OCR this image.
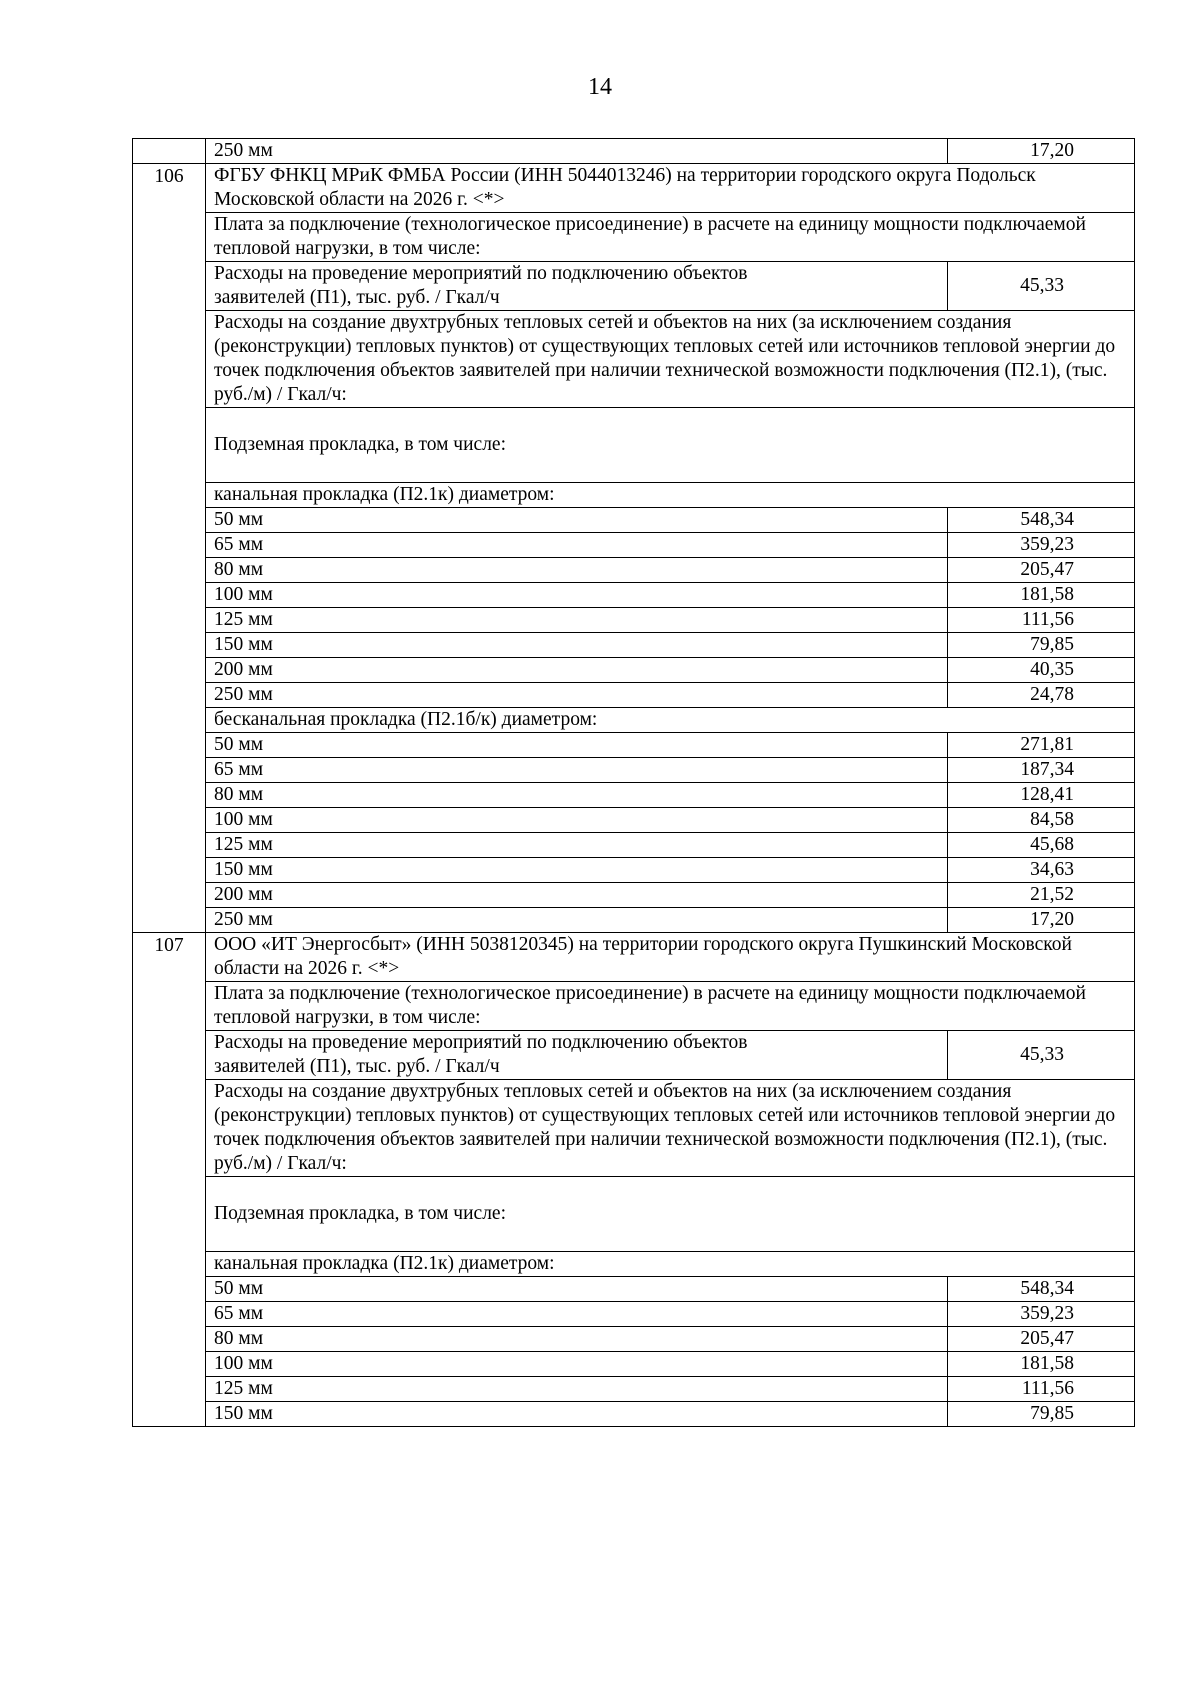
14
	250 мм	17,20
106	ФГБУ ФНКЦ МРиК ФМБА России (ИНН 5044013246) на территории городского округа Подольск Московской области на 2026 г. <*>	
	Плата за подключение (технологическое присоединение) в расчете на единицу мощности подключаемой тепловой нагрузки, в том числе:	

	Расходы на проведение мероприятий по подключению объектов
заявителей (П1), тыс. руб. / Гкал/ч	45,33
	Расходы на создание двухтрубных тепловых сетей и объектов на них (за исключением создания (реконструкции) тепловых пунктов) от существующих тепловых сетей или источников тепловой энергии до точек подключения объектов заявителей при наличии технической возможности подключения (П2.1), (тыс. руб./м) / Гкал/ч:	
	Подземная прокладка, в том числе:	
	канальная прокладка (П2.1к) диаметром:	
	50 мм	548,34
	65 мм	359,23
	80 мм	205,47
	100 мм	181,58
	125 мм	111,56
	150 мм	79,85
	200 мм	40,35
	250 мм	24,78
	бесканальная прокладка (П2.1б/к) диаметром:	
	50 мм	271,81
	65 мм	187,34
	80 мм	128,41
	100 мм	84,58
	125 мм	45,68
	150 мм	34,63
	200 мм	21,52
	250 мм	17,20
107	ООО «ИТ Энергосбыт» (ИНН 5038120345) на территории городского округа Пушкинский Московской области на 2026 г. <*>	
	Плата за подключение (технологическое присоединение) в расчете на единицу мощности подключаемой тепловой нагрузки, в том числе:	

	Расходы на проведение мероприятий по подключению объектов
заявителей (П1), тыс. руб. / Гкал/ч	45,33
	Расходы на создание двухтрубных тепловых сетей и объектов на них (за исключением создания (реконструкции) тепловых пунктов) от существующих тепловых сетей или источников тепловой энергии до точек подключения объектов заявителей при наличии технической возможности подключения (П2.1), (тыс. руб./м) / Гкал/ч:	
	Подземная прокладка, в том числе:	
	канальная прокладка (П2.1к) диаметром:	
	50 мм	548,34
	65 мм	359,23
	80 мм	205,47
	100 мм	181,58
	125 мм	111,56
	150 мм	79,85
